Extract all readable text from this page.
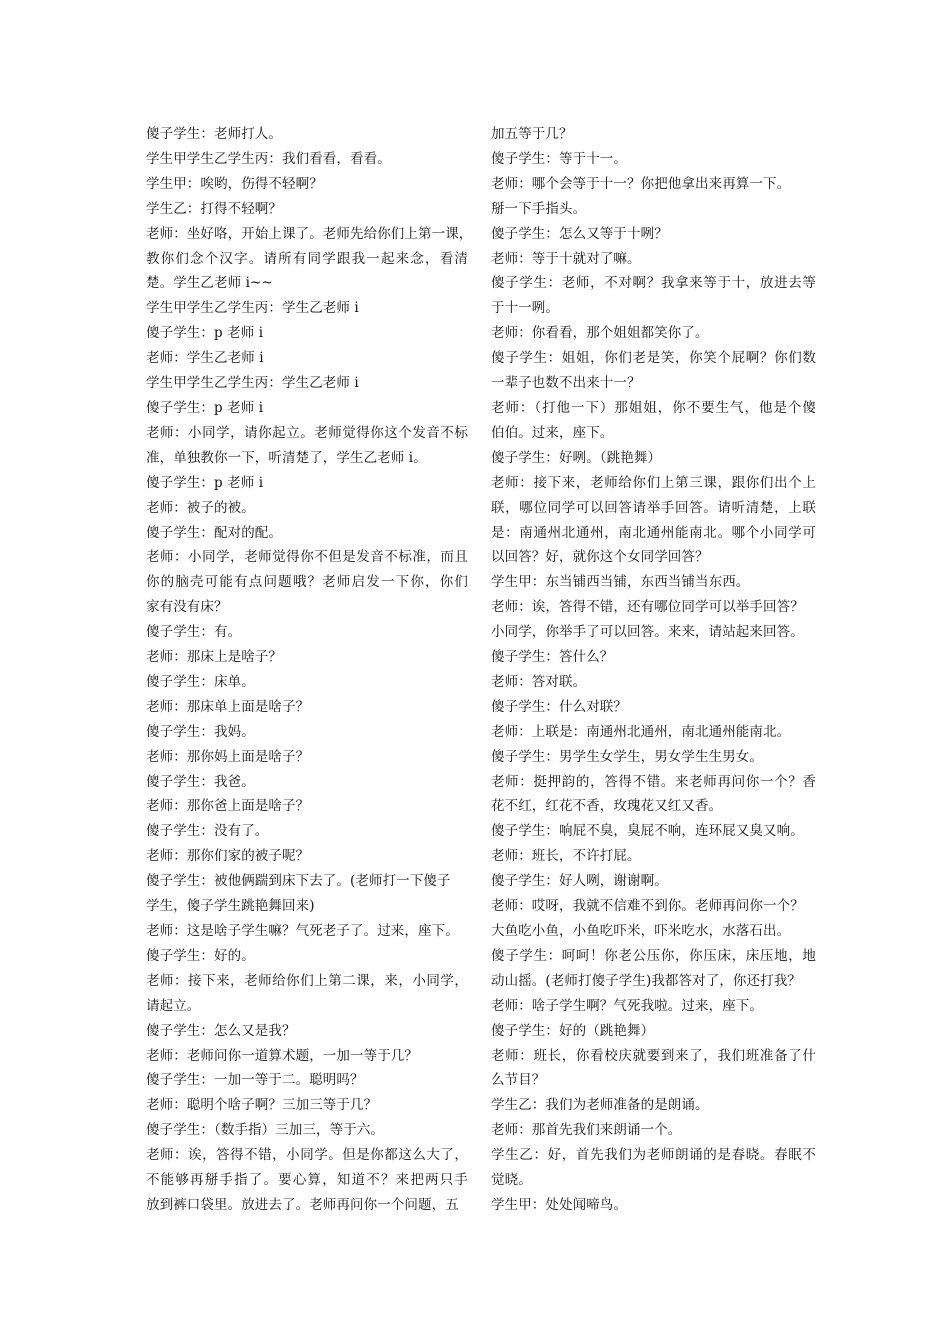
傻子学生：老师打人。
学生甲学生乙学生丙：我们看看，看看。
学生甲：唉哟，伤得不轻啊？
学生乙：打得不轻啊？
老师：坐好咯，开始上课了。老师先给你们上第一课，
教你们念个汉字。请所有同学跟我一起来念，看清
楚。学生乙老师 i~~
学生甲学生乙学生丙：学生乙老师 i
傻子学生：p 老师 i
老师：学生乙老师 i
学生甲学生乙学生丙：学生乙老师 i
傻子学生：p 老师 i
老师：小同学，请你起立。老师觉得你这个发音不标
准，单独教你一下，听清楚了，学生乙老师 i。
傻子学生：p 老师 i
老师：被子的被。
傻子学生：配对的配。
老师：小同学，老师觉得你不但是发音不标准，而且
你的脑壳可能有点问题哦？老师启发一下你，你们
家有没有床？
傻子学生：有。
老师：那床上是啥子？
傻子学生：床单。
老师：那床单上面是啥子？
傻子学生：我妈。
老师：那你妈上面是啥子？
傻子学生：我爸。
老师：那你爸上面是啥子？
傻子学生：没有了。
老师：那你们家的被子呢？
傻子学生：被他俩踹到床下去了。(老师打一下傻子
学生，傻子学生跳艳舞回来)
老师：这是啥子学生嘛？气死老子了。过来，座下。
傻子学生：好的。
老师：接下来，老师给你们上第二课，来，小同学，
请起立。
傻子学生：怎么又是我？
老师：老师问你一道算术题，一加一等于几？
傻子学生：一加一等于二。聪明吗？
老师：聪明个啥子啊？三加三等于几？
傻子学生：（数手指）三加三，等于六。
老师：诶，答得不错，小同学。但是你都这么大了，
不能够再掰手指了。要心算，知道不？来把两只手
放到裤口袋里。放进去了。老师再问你一个问题，五
加五等于几？
傻子学生：等于十一。
老师：哪个会等于十一？你把他拿出来再算一下。
掰一下手指头。
傻子学生：怎么又等于十咧？
老师：等于十就对了嘛。
傻子学生：老师，不对啊？我拿来等于十，放进去等
于十一咧。
老师：你看看，那个姐姐都笑你了。
傻子学生：姐姐，你们老是笑，你笑个屁啊？你们数
一辈子也数不出来十一？
老师：（打他一下）那姐姐，你不要生气，他是个傻
伯伯。过来，座下。
傻子学生：好咧。（跳艳舞）
老师：接下来，老师给你们上第三课，跟你们出个上
联，哪位同学可以回答请举手回答。请听清楚，上联
是：南通州北通州，南北通州能南北。哪个小同学可
以回答？好，就你这个女同学回答？
学生甲：东当铺西当铺，东西当铺当东西。
老师：诶，答得不错，还有哪位同学可以举手回答？
小同学，你举手了可以回答。来来，请站起来回答。
傻子学生：答什么？
老师：答对联。
傻子学生：什么对联？
老师：上联是：南通州北通州，南北通州能南北。
傻子学生：男学生女学生，男女学生生男女。
老师：挺押韵的，答得不错。来老师再问你一个？香
花不红，红花不香，玫瑰花又红又香。
傻子学生：响屁不臭，臭屁不响，连环屁又臭又响。
老师：班长，不许打屁。
傻子学生：好人咧，谢谢啊。
老师：哎呀，我就不信难不到你。老师再问你一个？
大鱼吃小鱼，小鱼吃吓米，吓米吃水，水落石出。
傻子学生：呵呵！你老公压你，你压床，床压地，地
动山摇。(老师打傻子学生)我都答对了，你还打我？
老师：啥子学生啊？气死我啦。过来，座下。
傻子学生：好的（跳艳舞）
老师：班长，你看校庆就要到来了，我们班准备了什
么节目？
学生乙：我们为老师准备的是朗诵。
老师：那首先我们来朗诵一个。
学生乙：好，首先我们为老师朗诵的是春晓。春眠不
觉晓。
学生甲：处处闻啼鸟。
